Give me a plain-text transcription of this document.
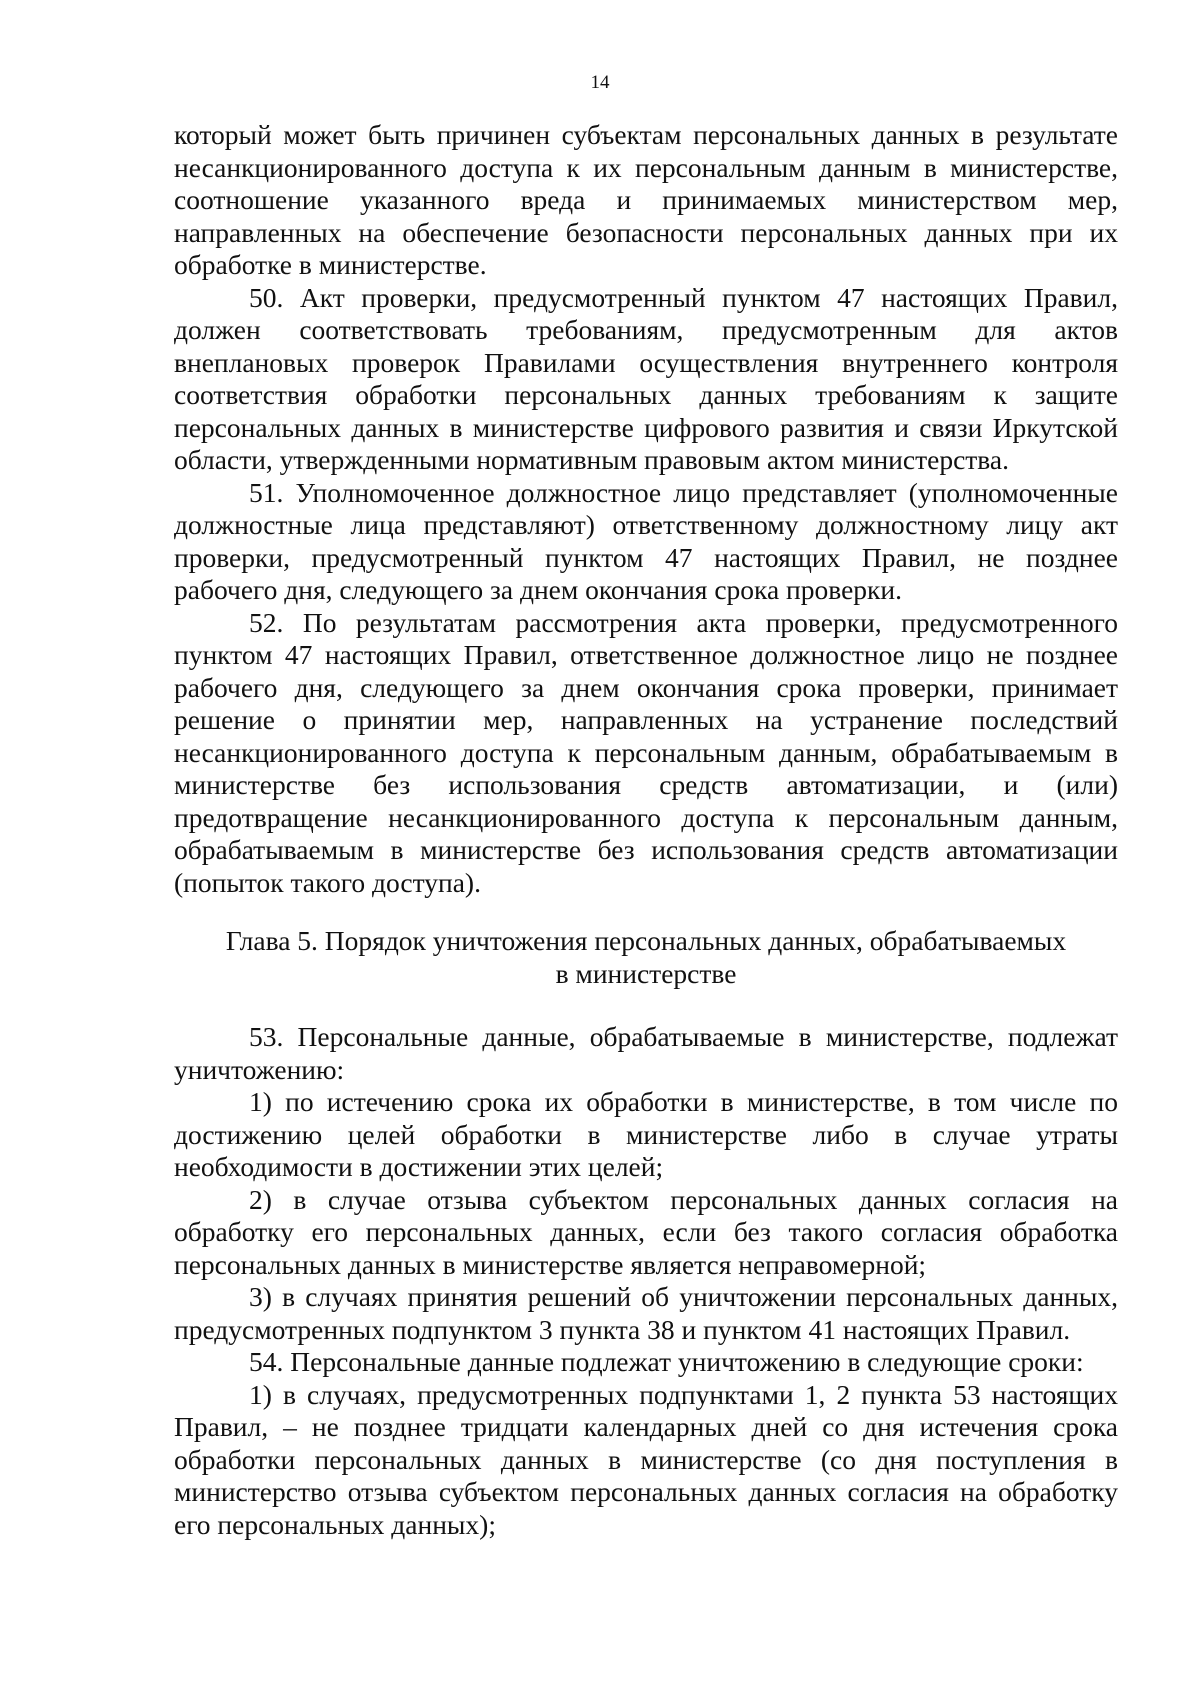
14

который может быть причинен субъектам персональных данных в результате несанкционированного доступа к их персональным данным в министерстве, соотношение указанного вреда и принимаемых министерством мер, направленных на обеспечение безопасности персональных данных при их обработке в министерстве.

50. Акт проверки, предусмотренный пунктом 47 настоящих Правил, должен соответствовать требованиям, предусмотренным для актов внеплановых проверок Правилами осуществления внутреннего контроля соответствия обработки персональных данных требованиям к защите персональных данных в министерстве цифрового развития и связи Иркутской области, утвержденными нормативным правовым актом министерства.

51. Уполномоченное должностное лицо представляет (уполномоченные должностные лица представляют) ответственному должностному лицу акт проверки, предусмотренный пунктом 47 настоящих Правил, не позднее рабочего дня, следующего за днем окончания срока проверки.

52. По результатам рассмотрения акта проверки, предусмотренного пунктом 47 настоящих Правил, ответственное должностное лицо не позднее рабочего дня, следующего за днем окончания срока проверки, принимает решение о принятии мер, направленных на устранение последствий несанкционированного доступа к персональным данным, обрабатываемым в министерстве без использования средств автоматизации, и (или) предотвращение несанкционированного доступа к персональным данным, обрабатываемым в министерстве без использования средств автоматизации (попыток такого доступа).

Глава 5. Порядок уничтожения персональных данных, обрабатываемых
в министерстве

53. Персональные данные, обрабатываемые в министерстве, подлежат уничтожению:

1) по истечению срока их обработки в министерстве, в том числе по достижению целей обработки в министерстве либо в случае утраты необходимости в достижении этих целей;

2) в случае отзыва субъектом персональных данных согласия на обработку его персональных данных, если без такого согласия обработка персональных данных в министерстве является неправомерной;

3) в случаях принятия решений об уничтожении персональных данных, предусмотренных подпунктом 3 пункта 38 и пунктом 41 настоящих Правил.

54. Персональные данные подлежат уничтожению в следующие сроки:

1) в случаях, предусмотренных подпунктами 1, 2 пункта 53 настоящих Правил, – не позднее тридцати календарных дней со дня истечения срока обработки персональных данных в министерстве (со дня поступления в министерство отзыва субъектом персональных данных согласия на обработку его персональных данных);
